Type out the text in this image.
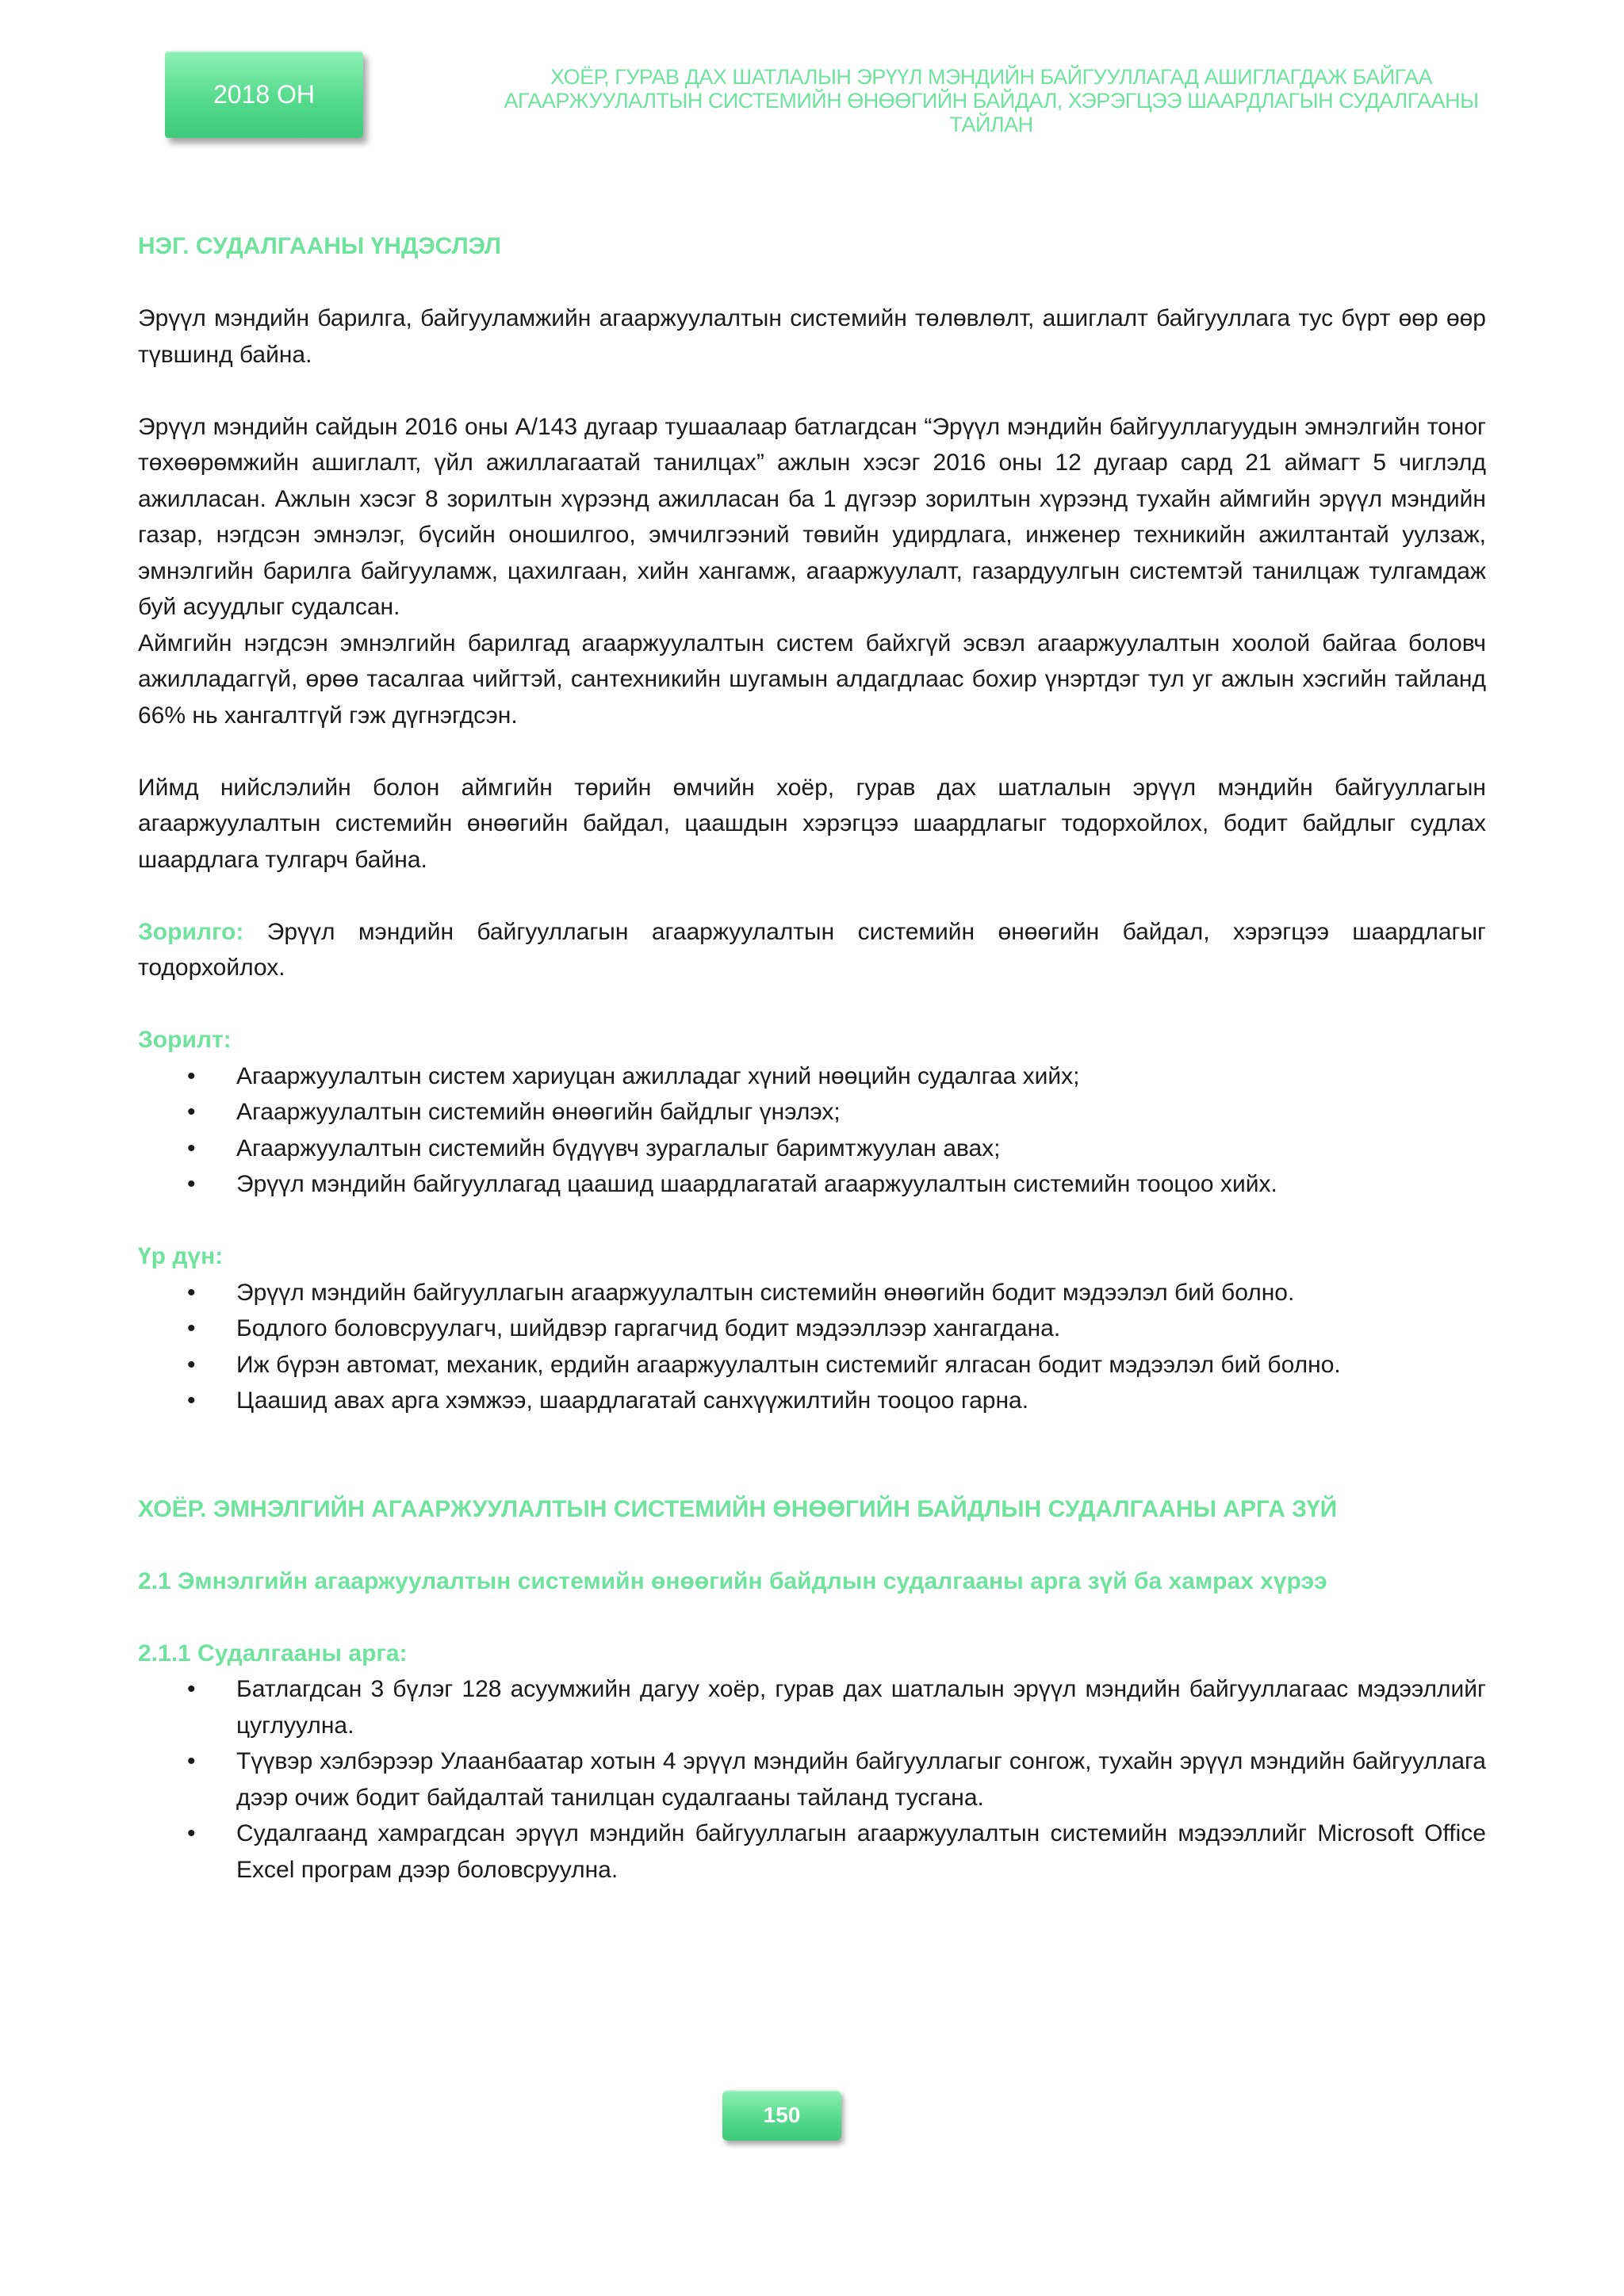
2018 ОН
ХОЁР, ГУРАВ ДАХ ШАТЛАЛЫН ЭРҮҮЛ МЭНДИЙН БАЙГУУЛЛАГАД АШИГЛАГДАЖ БАЙГАА
АГААРЖУУЛАЛТЫН СИСТЕМИЙН ӨНӨӨГИЙН БАЙДАЛ, ХЭРЭГЦЭЭ ШААРДЛАГЫН СУДАЛГААНЫ
ТАЙЛАН
НЭГ. СУДАЛГААНЫ ҮНДЭСЛЭЛ

Эрүүл мэндийн барилга, байгууламжийн агааржуулалтын системийн төлөвлөлт, ашиглалт байгууллага тус бүрт өөр өөр түвшинд байна.

Эрүүл мэндийн сайдын 2016 оны А/143 дугаар тушаалаар батлагдсан “Эрүүл мэндийн байгууллагуудын эмнэлгийн тоног төхөөрөмжийн ашиглалт, үйл ажиллагаатай танилцах” ажлын хэсэг 2016 оны 12 дугаар сард 21 аймагт 5 чиглэлд ажилласан. Ажлын хэсэг 8 зорилтын хүрээнд ажилласан ба 1 дүгээр зорилтын хүрээнд тухайн аймгийн эрүүл мэндийн газар, нэгдсэн эмнэлэг, бүсийн оношилгоо, эмчилгээний төвийн удирдлага, инженер техникийн ажилтантай уулзаж, эмнэлгийн барилга байгууламж, цахилгаан, хийн хангамж, агааржуулалт, газардуулгын системтэй танилцаж тулгамдаж буй асуудлыг судалсан.

Аймгийн нэгдсэн эмнэлгийн барилгад агааржуулалтын систем байхгүй эсвэл агааржуулалтын хоолой байгаа боловч ажилладаггүй, өрөө тасалгаа чийгтэй, сантехникийн шугамын алдагдлаас бохир үнэртдэг тул уг ажлын хэсгийн тайланд 66% нь хангалтгүй гэж дүгнэгдсэн.

Иймд нийслэлийн болон аймгийн төрийн өмчийн хоёр, гурав дах шатлалын эрүүл мэндийн байгууллагын агааржуулалтын системийн өнөөгийн байдал, цаашдын хэрэгцээ шаардлагыг тодорхойлох, бодит байдлыг судлах шаардлага тулгарч байна.

Зорилго: Эрүүл мэндийн байгууллагын агааржуулалтын системийн өнөөгийн байдал, хэрэгцээ шаардлагыг тодорхойлох.

Зорилт:
• Агааржуулалтын систем хариуцан ажилладаг хүний нөөцийн судалгаа хийх;
• Агааржуулалтын системийн өнөөгийн байдлыг үнэлэх;
• Агааржуулалтын системийн бүдүүвч зураглалыг баримтжуулан авах;
• Эрүүл мэндийн байгууллагад цаашид шаардлагатай агааржуулалтын системийн тооцоо хийх.
Үр дүн:
• Эрүүл мэндийн байгууллагын агааржуулалтын системийн өнөөгийн бодит мэдээлэл бий болно.
• Бодлого боловсруулагч, шийдвэр гаргагчид бодит мэдээллээр хангагдана.
• Иж бүрэн автомат, механик, ердийн агааржуулалтын системийг ялгасан бодит мэдээлэл бий болно.
• Цаашид авах арга хэмжээ, шаардлагатай санхүүжилтийн тооцоо гарна.
ХОЁР. ЭМНЭЛГИЙН АГААРЖУУЛАЛТЫН СИСТЕМИЙН ӨНӨӨГИЙН БАЙДЛЫН СУДАЛГААНЫ АРГА ЗҮЙ
2.1 Эмнэлгийн агааржуулалтын системийн өнөөгийн байдлын судалгааны арга зүй ба хамрах хүрээ
2.1.1 Судалгааны арга:
• Батлагдсан 3 бүлэг 128 асуумжийн дагуу хоёр, гурав дах шатлалын эрүүл мэндийн байгууллагаас мэдээллийг цуглуулна.
• Түүвэр хэлбэрээр Улаанбаатар хотын 4 эрүүл мэндийн байгууллагыг сонгож, тухайн эрүүл мэндийн байгууллага дээр очиж бодит байдалтай танилцан судалгааны тайланд тусгана.
• Судалгаанд хамрагдсан эрүүл мэндийн байгууллагын агааржуулалтын системийн мэдээллийг Microsoft Office Excel програм дээр боловсруулна.
150
